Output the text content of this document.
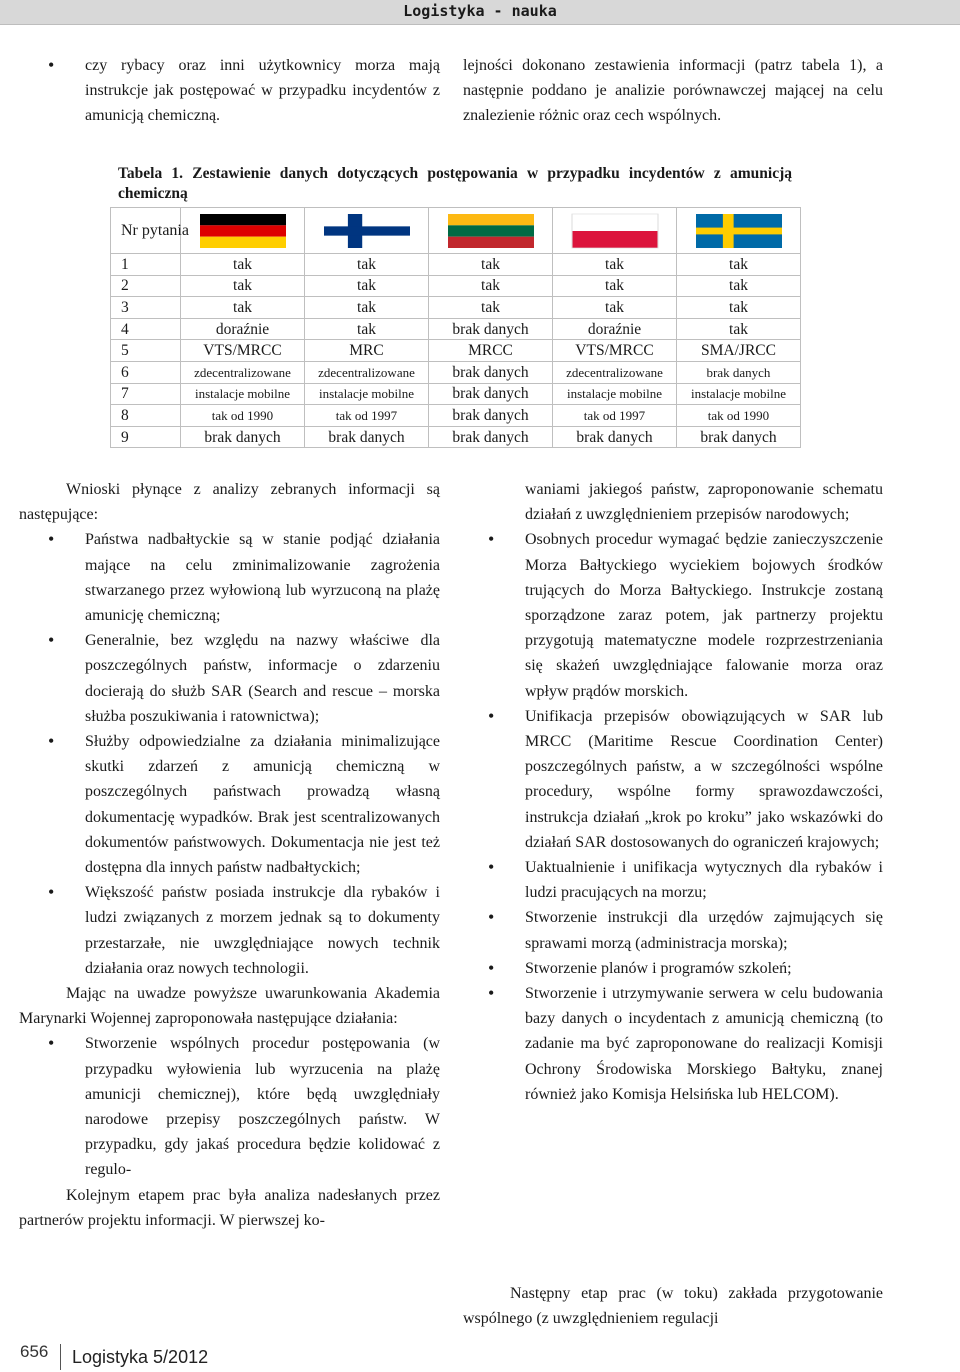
Logistyka - nauka
• czy rybacy oraz inni użytkownicy morza mają instrukcje jak postępować w przypadku incydentów z amunicją chemiczną.

lejności dokonano zestawienia informacji (patrz tabela 1), a następnie poddano je analizie porównawczej mającej na celu znalezienie różnic oraz cech wspólnych.

Tabela 1. Zestawienie danych dotyczących postępowania w przypadku incydentów z amunicją chemiczną
Nr pytania					
1	tak	tak	tak	tak	tak
2	tak	tak	tak	tak	tak
3	tak	tak	tak	tak	tak
4	doraźnie	tak	brak danych	doraźnie	tak
5	VTS/MRCC	MRC	MRCC	VTS/MRCC	SMA/JRCC
6	zdecentralizowane	zdecentralizowane	brak danych	zdecentralizowane	brak danych
7	instalacje mobilne	instalacje mobilne	brak danych	instalacje mobilne	instalacje mobilne
8	tak od 1990	tak od 1997	brak danych	tak od 1997	tak od 1990
9	brak danych	brak danych	brak danych	brak danych	brak danych

Wnioski płynące z analizy zebranych informacji są następujące:

• Państwa nadbałtyckie są w stanie podjąć działania mające na celu zminimalizowanie zagrożenia stwarzanego przez wyłowioną lub wyrzuconą na plażę amunicję chemiczną;
• Generalnie, bez względu na nazwy właściwe dla poszczególnych państw, informacje o zdarzeniu docierają do służb SAR (Search and rescue – morska służba poszukiwania i ratownictwa);
• Służby odpowiedzialne za działania minimalizujące skutki zdarzeń z amunicją chemiczną w poszczególnych państwach prowadzą własną dokumentację wypadków. Brak jest scentralizowanych dokumentów państwowych. Dokumentacja nie jest też dostępna dla innych państw nadbałtyckich;
• Większość państw posiada instrukcje dla rybaków i ludzi związanych z morzem jednak są to dokumenty przestarzałe, nie uwzględniające nowych technik działania oraz nowych technologii.

Mając na uwadze powyższe uwarunkowania Akademia Marynarki Wojennej zaproponowała następujące działania:

• Stworzenie wspólnych procedur postępowania (w przypadku wyłowienia lub wyrzucenia na plażę amunicji chemicznej), które będą uwzględniały narodowe przepisy poszczególnych państw. W przypadku, gdy jakaś procedura będzie kolidować z regulo-

Kolejnym etapem prac była analiza nadesłanych przez partnerów projektu informacji. W pierwszej ko-

waniami jakiegoś państw, zaproponowanie schematu działań z uwzględnieniem przepisów narodowych;

• Osobnych procedur wymagać będzie zanieczyszczenie Morza Bałtyckiego wyciekiem bojowych środków trujących do Morza Bałtyckiego. Instrukcje zostaną sporządzone zaraz potem, jak partnerzy projektu przygotują matematyczne modele rozprzestrzeniania się skażeń uwzględniające falowanie morza oraz wpływ prądów morskich.
• Unifikacja przepisów obowiązujących w SAR lub MRCC (Maritime Rescue Coordination Center) poszczególnych państw, a w szczególności wspólne procedury, wspólne formy sprawozdawczości, instrukcja działań „krok po kroku” jako wskazówki do działań SAR dostosowanych do ograniczeń krajowych;
• Uaktualnienie i unifikacja wytycznych dla rybaków i ludzi pracujących na morzu;
• Stworzenie instrukcji dla urzędów zajmujących się sprawami morzą (administracja morska);
• Stworzenie planów i programów szkoleń;
• Stworzenie i utrzymywanie serwera w celu budowania bazy danych o incydentach z amunicją chemiczną (to zadanie ma być zaproponowane do realizacji Komisji Ochrony Środowiska Morskiego Bałtyku, znanej również jako Komisja Helsińska lub HELCOM).

Następny etap prac (w toku) zakłada przygotowanie wspólnego (z uwzględnieniem regulacji

656 Logistyka 5/2012
